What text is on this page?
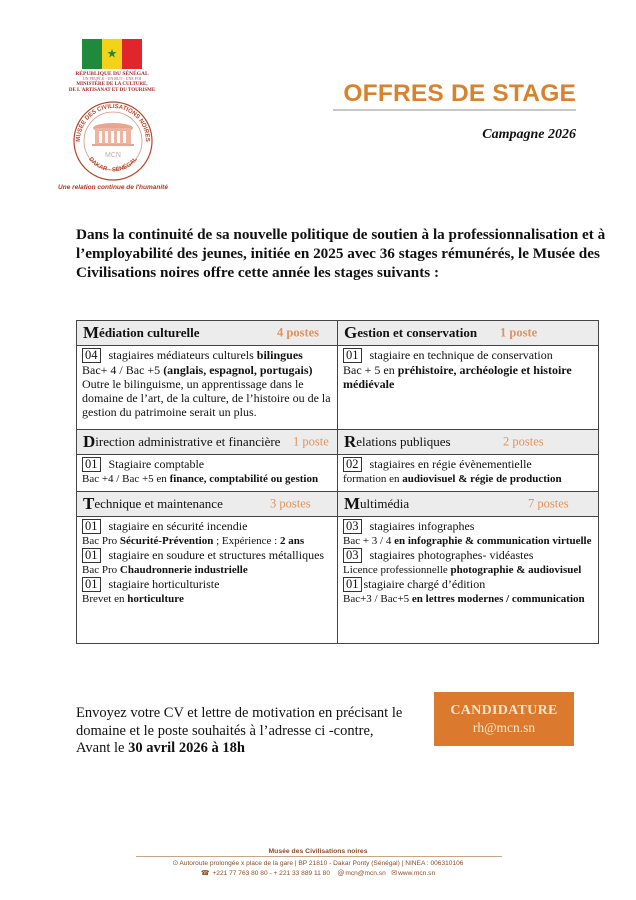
★
RÉPUBLIQUE DU SÉNÉGAL
UN PEUPLE - UN BUT - UNE FOI
MINISTÈRE DE LA CULTURE,
DE L'ARTISANAT ET DU TOURISME
MUSÉE DES CIVILISATIONS NOIRES
DAKAR - SÉNÉGAL
MCN
Une relation continue de l'humanité
OFFRES DE STAGE
Campagne 2026
Dans la continuité de sa nouvelle politique de soutien à la professionnalisation et à l’employabilité des jeunes, initiée en 2025 avec 36 stages rémunérés, le Musée des Civilisations noires offre cette année les stages suivants :
M édiation culturelle	4 postes

04 stagiaires médiateurs culturels bilingues

Bac+ 4 / Bac +5 (anglais, espagnol, portugais)

Outre le bilinguisme, un apprentissage dans le domaine de l’art, de la culture, de l’histoire ou de la gestion du patrimoine serait un plus.

G estion et conservation 1 poste

01 stagiaire en technique de conservation

Bac + 5 en préhistoire, archéologie et histoire médiévale

D irection administrative et financière 1 poste

01 Stagiaire comptable

Bac +4 / Bac +5 en finance, comptabilité ou gestion

R elations publiques	2 postes

02 stagiaires en régie évènementielle

formation en audiovisuel & régie de production

T echnique et maintenance	3 postes

01 stagiaire en sécurité incendie

Bac Pro Sécurité-Prévention ; Expérience : 2 ans

01 stagiaire en soudure et structures métalliques

Bac Pro Chaudronnerie industrielle

01 stagiaire horticulturiste

Brevet en horticulture

M ultimédia	7 postes

03 stagiaires infographes

Bac + 3 / 4 en infographie & communication virtuelle

03 stagiaires photographes- vidéastes

Licence professionnelle photographie & audiovisuel

01 stagiaire chargé d’édition

Bac+3 / Bac+5 en lettres modernes / communication

Envoyez votre CV et lettre de motivation en précisant le domaine et le poste souhaités à l’adresse ci -contre,
Avant le 30 avril 2026 à 18h
CANDIDATURE
rh@mcn.sn
Musée des Civilisations noires
⊙Autoroute prolongée x place de la gare | BP 21810 - Dakar Ponty (Sénégal) | NINEA : 006310106
☎ +221 77 763 80 80 - + 221 33 889 11 80 @mcn@mcn.sn ✉www.mcn.sn
